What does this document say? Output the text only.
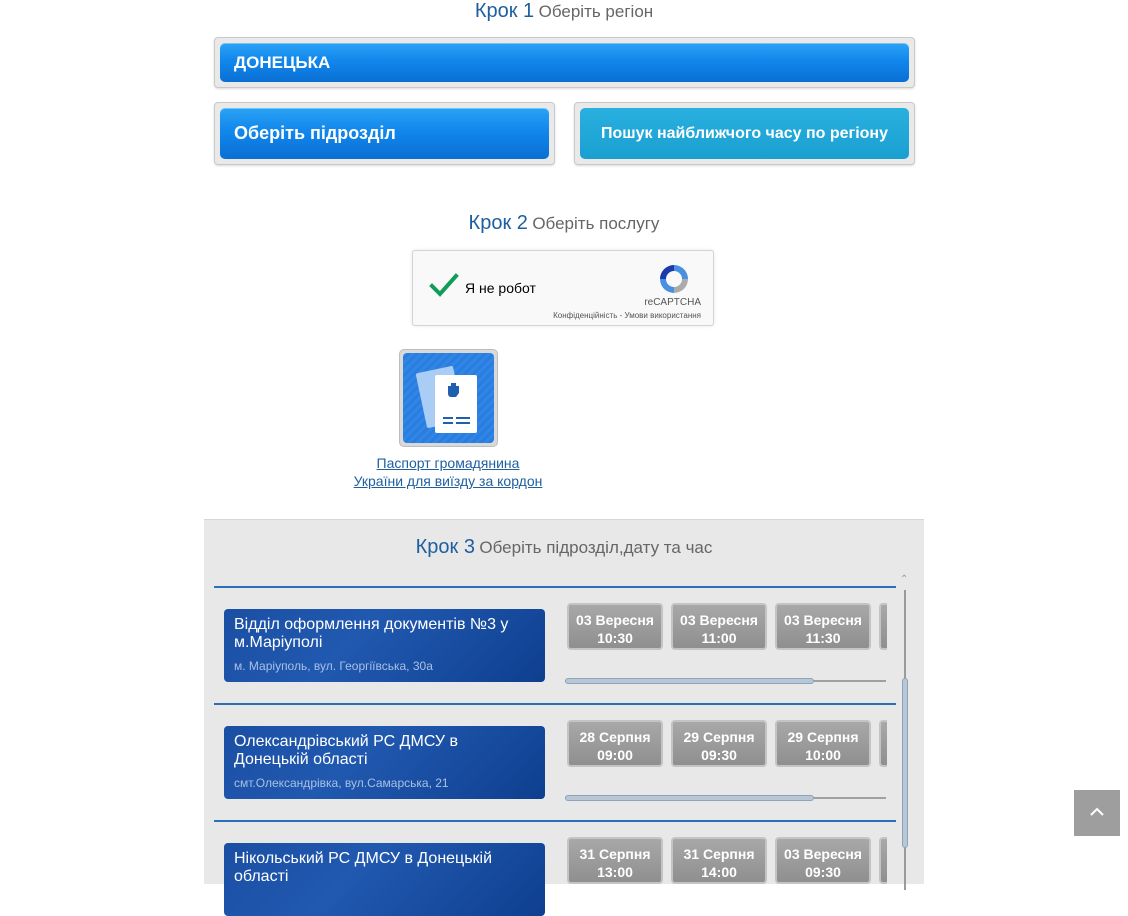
Крок 1 Оберіть регіон
ДОНЕЦЬКА
Оберіть підрозділ	Пошук найближчого часу по регіону
Крок 2 Оберіть послугу
Я не робот
reCAPTCHA
Конфіденційність - Умови використання
Паспорт громадянина
України для виїзду за кордон
Крок 3 Оберіть підрозділ,дату та час
⌃
Відділ оформлення документів №3 у м.Маріуполі
м. Маріуполь, вул. Георгіївська, 30а
03 Вересня
10:30
03 Вересня
11:00
03 Вересня
11:30
Олександрівський РС ДМСУ в Донецькій області
смт.Олександрівка, вул.Самарська, 21
28 Серпня
09:00
29 Серпня
09:30
29 Серпня
10:00
Нікольський РС ДМСУ в Донецькій області
31 Серпня
13:00
31 Серпня
14:00
03 Вересня
09:30
